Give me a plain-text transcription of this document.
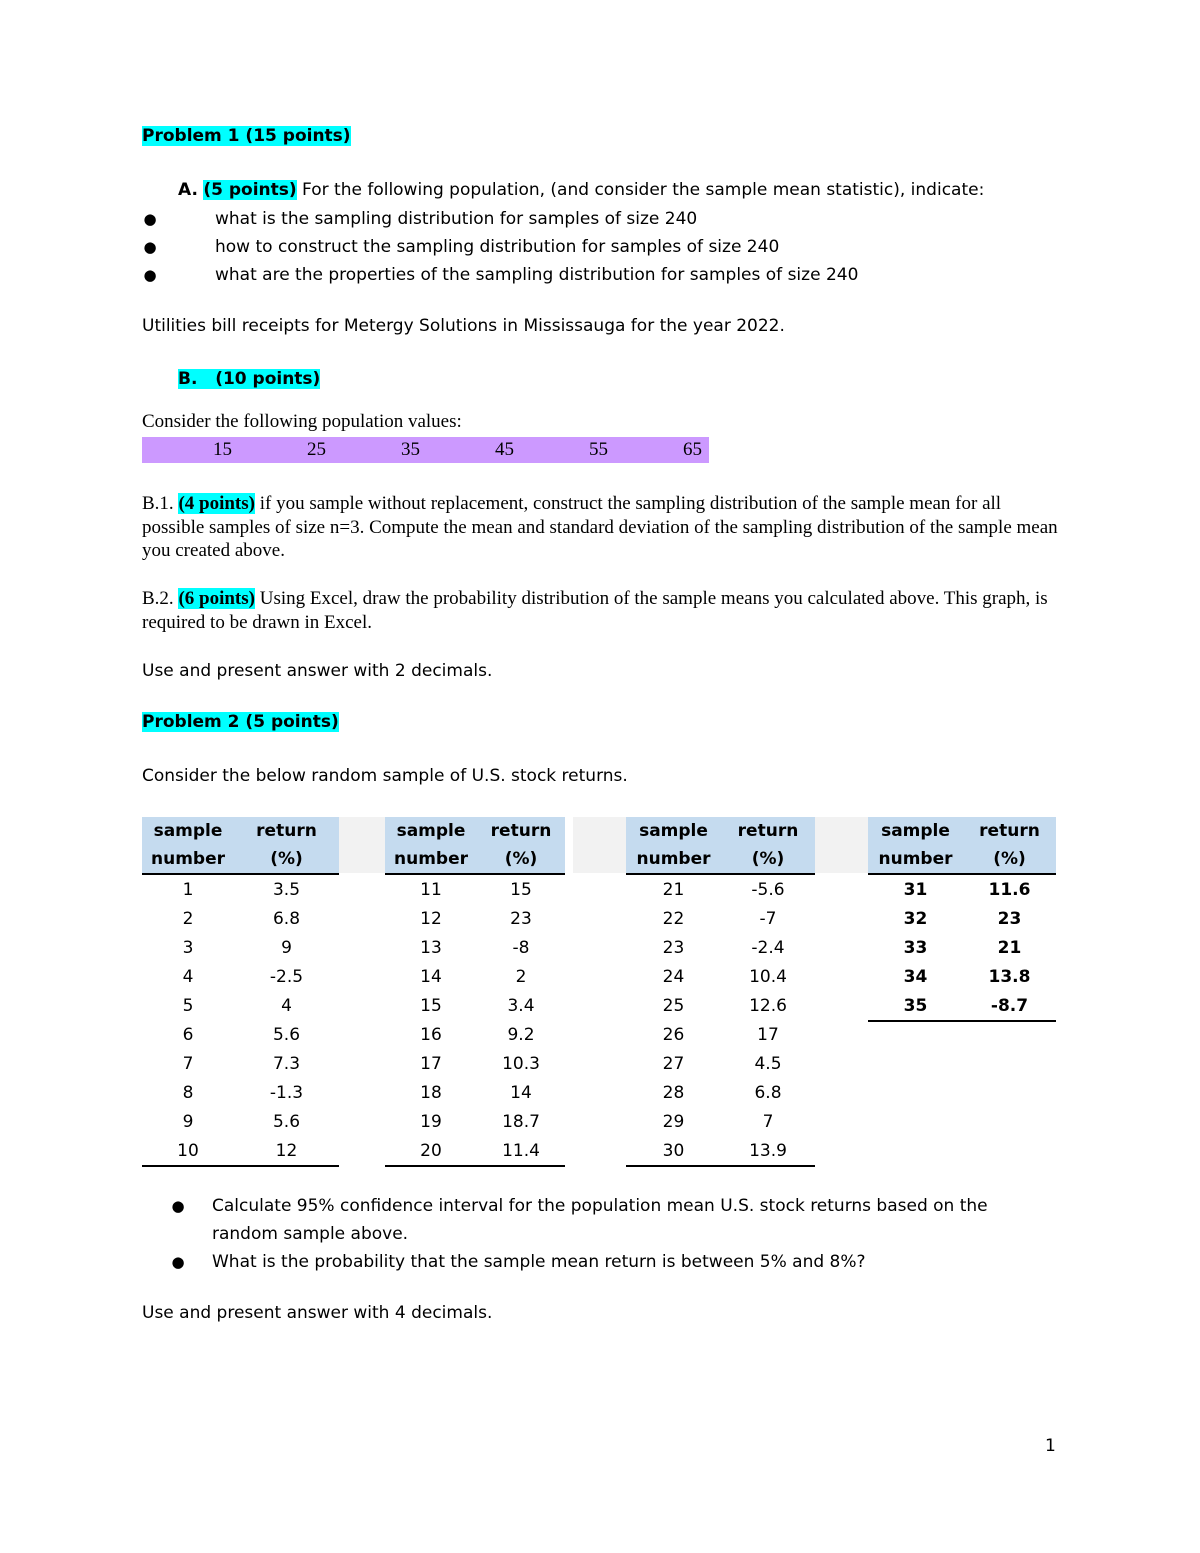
Problem 1 (15 points)
A. (5 points) For the following population, (and consider the sample mean statistic), indicate:
●	what is the sampling distribution for samples of size 240
●	how to construct the sampling distribution for samples of size 240
●	what are the properties of the sampling distribution for samples of size 240
Utilities bill receipts for Metergy Solutions in Mississauga for the year 2022.
B. (10 points)
Consider the following population values:
15	25	35	45	55	65
B.1. (4 points) if you sample without replacement, construct the sampling distribution of the sample mean for all possible samples of size n=3. Compute the mean and standard deviation of the sampling distribution of the sample mean you created above.
B.2. (6 points) Using Excel, draw the probability distribution of the sample means you calculated above. This graph, is required to be drawn in Excel.
Use and present answer with 2 decimals.
Problem 2 (5 points)
Consider the below random sample of U.S. stock returns.
sample
number	return
(%)
1	3.5
2	6.8
3	9
4	-2.5
5	4
6	5.6
7	7.3
8	-1.3
9	5.6
10	12
sample
number	return
(%)
11	15
12	23
13	-8
14	2
15	3.4
16	9.2
17	10.3
18	14
19	18.7
20	11.4
sample
number	return
(%)
21	-5.6
22	-7
23	-2.4
24	10.4
25	12.6
26	17
27	4.5
28	6.8
29	7
30	13.9
sample
number	return
(%)
31	11.6
32	23
33	21
34	13.8
35	-8.7
● Calculate 95% confidence interval for the population mean U.S. stock returns based on the random sample above.
● What is the probability that the sample mean return is between 5% and 8%?
Use and present answer with 4 decimals.
1
